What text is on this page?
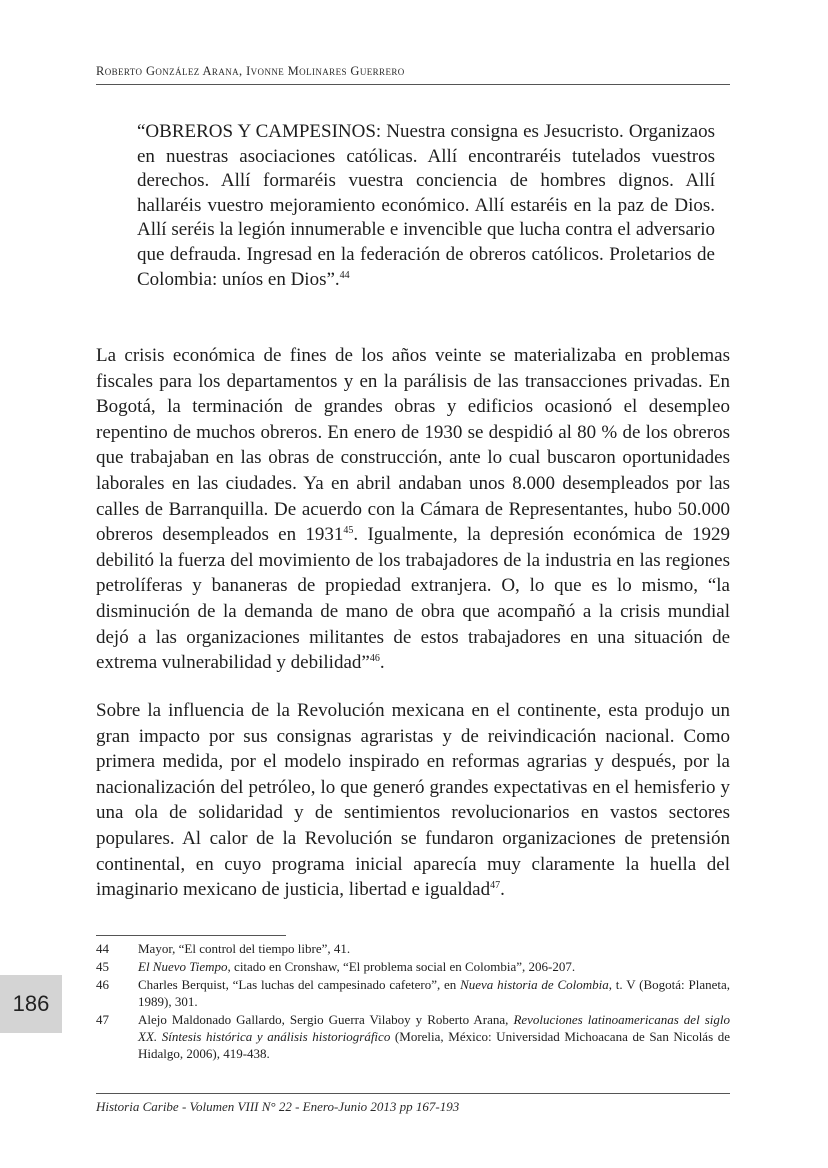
Roberto González Arana, Ivonne Molinares Guerrero
“OBREROS Y CAMPESINOS: Nuestra consigna es Jesucristo. Organizaos en nuestras asociaciones católicas. Allí encontraréis tutelados vuestros derechos. Allí formaréis vuestra conciencia de hombres dignos. Allí hallaréis vuestro mejoramiento económico. Allí estaréis en la paz de Dios. Allí seréis la legión innumerable e invencible que lucha contra el adversario que defrauda. Ingresad en la federación de obreros católicos. Proletarios de Colombia: uníos en Dios”.$^{44}$
La crisis económica de fines de los años veinte se materializaba en problemas fiscales para los departamentos y en la parálisis de las transacciones privadas. En Bogotá, la terminación de grandes obras y edificios ocasionó el desempleo repentino de muchos obreros. En enero de 1930 se despidió al 80 % de los obreros que trabajaban en las obras de construcción, ante lo cual buscaron oportunidades laborales en las ciudades. Ya en abril andaban unos 8.000 desempleados por las calles de Barranquilla. De acuerdo con la Cámara de Representantes, hubo 50.000 obreros desempleados en 1931$^{45}$. Igualmente, la depresión económica de 1929 debilitó la fuerza del movimiento de los trabajadores de la industria en las regiones petrolíferas y bananeras de propiedad extranjera. O, lo que es lo mismo, “la disminución de la demanda de mano de obra que acompañó a la crisis mundial dejó a las organizaciones militantes de estos trabajadores en una situación de extrema vulnerabilidad y debilidad”$^{46}$.
Sobre la influencia de la Revolución mexicana en el continente, esta produjo un gran impacto por sus consignas agraristas y de reivindicación nacional. Como primera medida, por el modelo inspirado en reformas agrarias y después, por la nacionalización del petróleo, lo que generó grandes expectativas en el hemisferio y una ola de solidaridad y de sentimientos revolucionarios en vastos sectores populares. Al calor de la Revolución se fundaron organizaciones de pretensión continental, en cuyo programa inicial aparecía muy claramente la huella del imaginario mexicano de justicia, libertad e igualdad$^{47}$.
44	Mayor, “El control del tiempo libre”, 41.
45	El Nuevo Tiempo, citado en Cronshaw, “El problema social en Colombia”, 206-207.
46	Charles Berquist, “Las luchas del campesinado cafetero”, en Nueva historia de Colombia, t. V (Bogotá: Planeta, 1989), 301.
47	Alejo Maldonado Gallardo, Sergio Guerra Vilaboy y Roberto Arana, Revoluciones latinoamericanas del siglo XX. Síntesis histórica y análisis historiográfico (Morelia, México: Universidad Michoacana de San Nicolás de Hidalgo, 2006), 419-438.
186
Historia Caribe - Volumen VIII N° 22 - Enero-Junio 2013 pp 167-193
